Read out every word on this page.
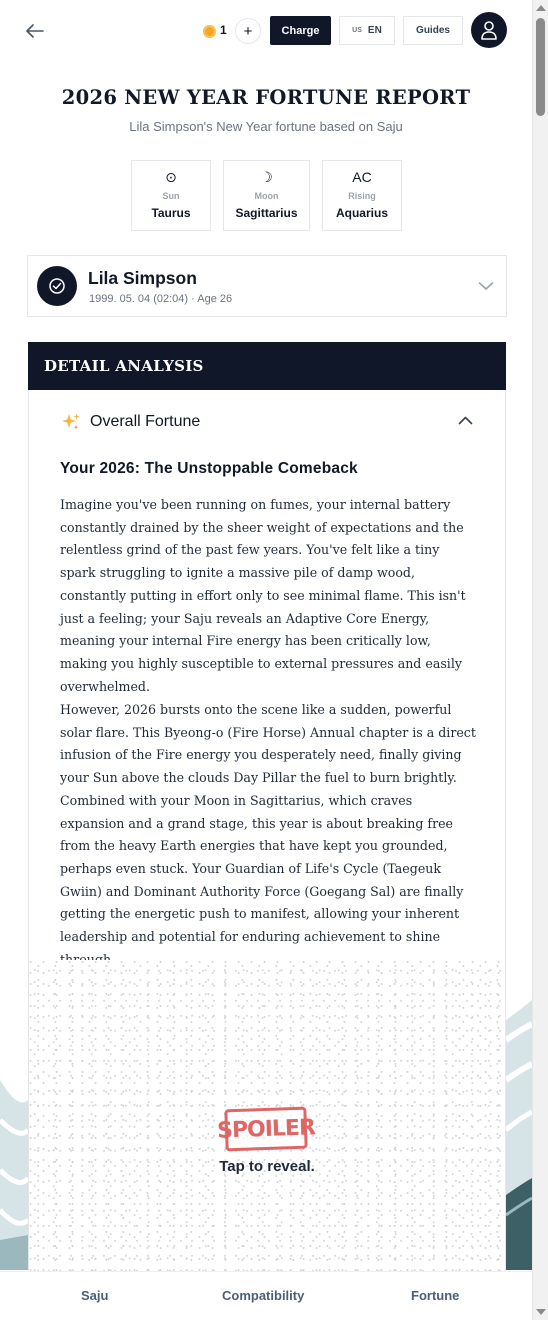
1	+	Charge	US EN	Guides
2026 NEW YEAR FORTUNE REPORT
Lila Simpson's New Year fortune based on Saju
⊙
Sun
Taurus
☽
Moon
Sagittarius
AC
Rising
Aquarius
Lila Simpson
1999. 05. 04 (02:04) · Age 26
DETAIL ANALYSIS
Overall Fortune
Your 2026: The Unstoppable Comeback
Imagine you've been running on fumes, your internal battery constantly drained by the sheer weight of expectations and the relentless grind of the past few years. You've felt like a tiny spark struggling to ignite a massive pile of damp wood, constantly putting in effort only to see minimal flame. This isn't just a feeling; your Saju reveals an Adaptive Core Energy, meaning your internal Fire energy has been critically low, making you highly susceptible to external pressures and easily overwhelmed.
However, 2026 bursts onto the scene like a sudden, powerful solar flare. This Byeong-o (Fire Horse) Annual chapter is a direct infusion of the Fire energy you desperately need, finally giving your Sun above the clouds Day Pillar the fuel to burn brightly. Combined with your Moon in Sagittarius, which craves expansion and a grand stage, this year is about breaking free from the heavy Earth energies that have kept you grounded, perhaps even stuck. Your Guardian of Life's Cycle (Taegeuk Gwiin) and Dominant Authority Force (Goegang Sal) are finally getting the energetic push to manifest, allowing your inherent leadership and potential for enduring achievement to shine
SPOILER
Tap to reveal.
Saju	Compatibility	Fortune
